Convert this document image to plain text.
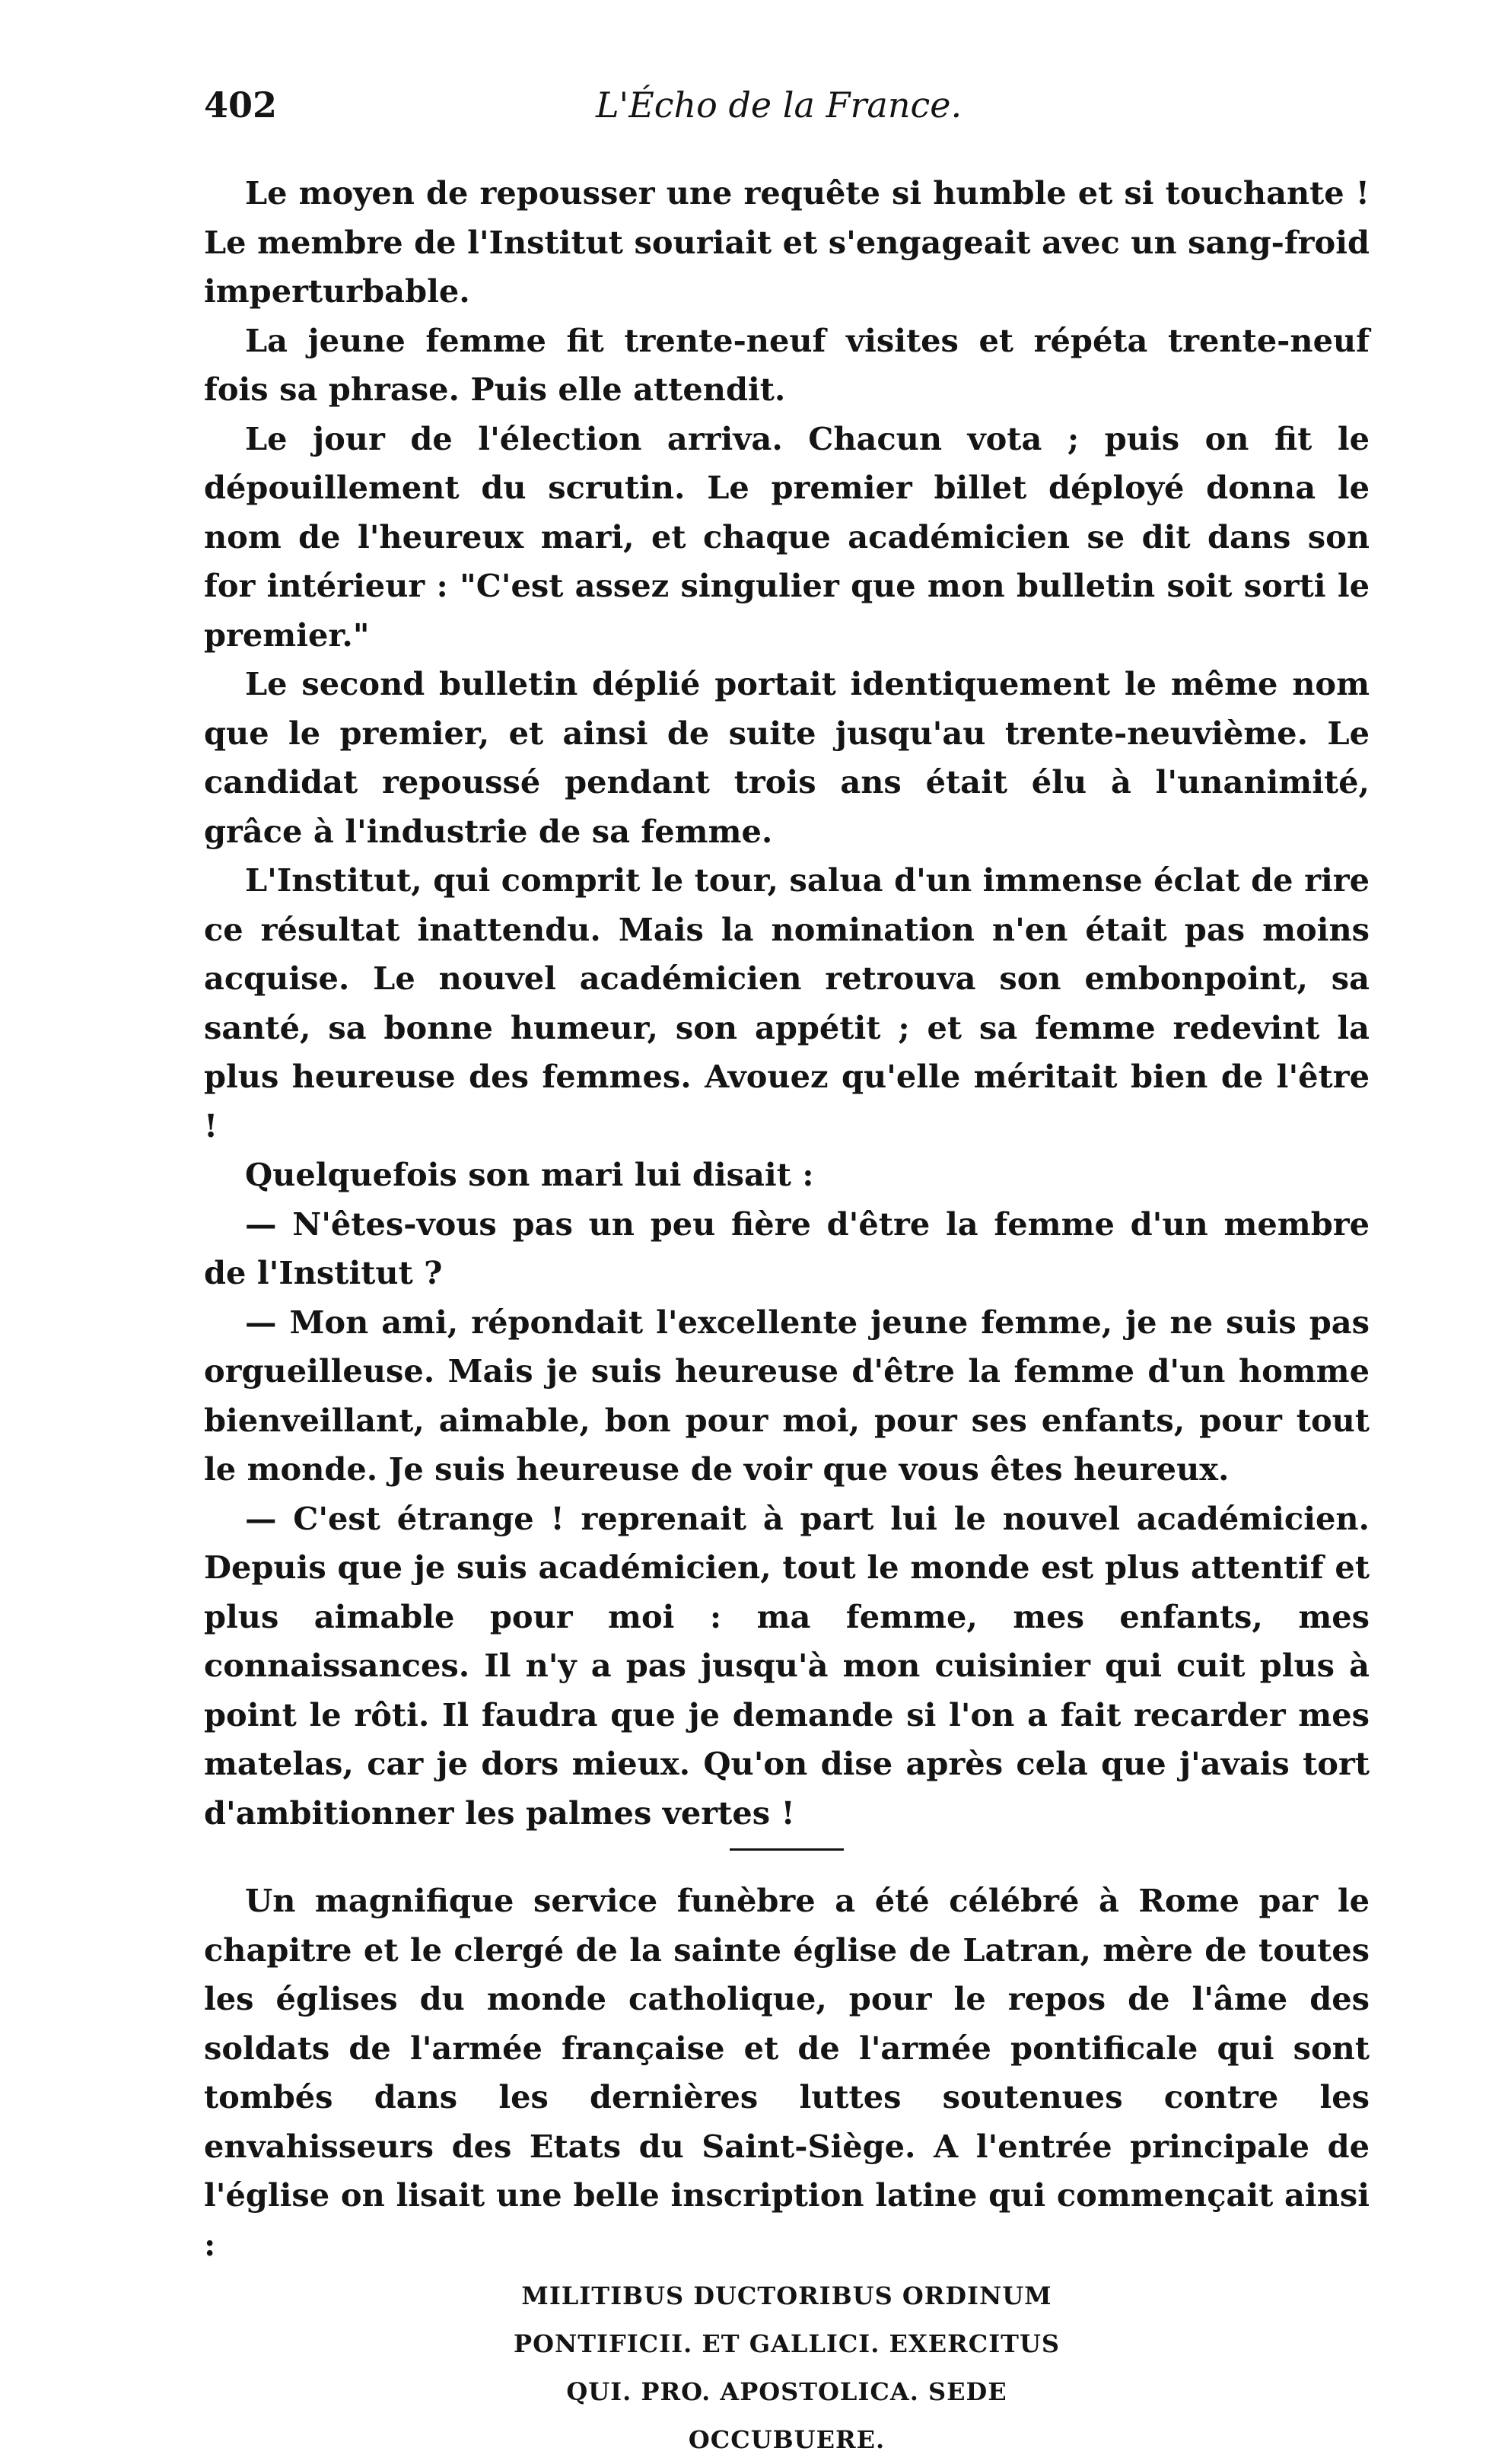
402	L'Écho de la France.

Le moyen de repousser une requête si humble et si touchante ! Le membre de l'Institut souriait et s'engageait avec un sang-froid imperturbable.

La jeune femme fit trente-neuf visites et répéta trente-neuf fois sa phrase. Puis elle attendit.

Le jour de l'élection arriva. Chacun vota ; puis on fit le dépouillement du scrutin. Le premier billet déployé donna le nom de l'heureux mari, et chaque académicien se dit dans son for intérieur : "C'est assez singulier que mon bulletin soit sorti le premier."

Le second bulletin déplié portait identiquement le même nom que le premier, et ainsi de suite jusqu'au trente-neuvième. Le candidat repoussé pendant trois ans était élu à l'unanimité, grâce à l'industrie de sa femme.

L'Institut, qui comprit le tour, salua d'un immense éclat de rire ce résultat inattendu. Mais la nomination n'en était pas moins acquise. Le nouvel académicien retrouva son embonpoint, sa santé, sa bonne humeur, son appétit ; et sa femme redevint la plus heureuse des femmes. Avouez qu'elle méritait bien de l'être !

Quelquefois son mari lui disait :

— N'êtes-vous pas un peu fière d'être la femme d'un membre de l'Institut ?

— Mon ami, répondait l'excellente jeune femme, je ne suis pas orgueilleuse. Mais je suis heureuse d'être la femme d'un homme bienveillant, aimable, bon pour moi, pour ses enfants, pour tout le monde. Je suis heureuse de voir que vous êtes heureux.

— C'est étrange ! reprenait à part lui le nouvel académicien. Depuis que je suis académicien, tout le monde est plus attentif et plus aimable pour moi : ma femme, mes enfants, mes connaissances. Il n'y a pas jusqu'à mon cuisinier qui cuit plus à point le rôti. Il faudra que je demande si l'on a fait recarder mes matelas, car je dors mieux. Qu'on dise après cela que j'avais tort d'ambitionner les palmes vertes !

Un magnifique service funèbre a été célébré à Rome par le chapitre et le clergé de la sainte église de Latran, mère de toutes les églises du monde catholique, pour le repos de l'âme des soldats de l'armée française et de l'armée pontificale qui sont tombés dans les dernières luttes soutenues contre les envahisseurs des Etats du Saint-Siège. A l'entrée principale de l'église on lisait une belle inscription latine qui commençait ainsi :

MILITIBUS DUCTORIBUS ORDINUM
PONTIFICII. ET GALLICI. EXERCITUS
QUI. PRO. APOSTOLICA. SEDE
OCCUBUERE.
